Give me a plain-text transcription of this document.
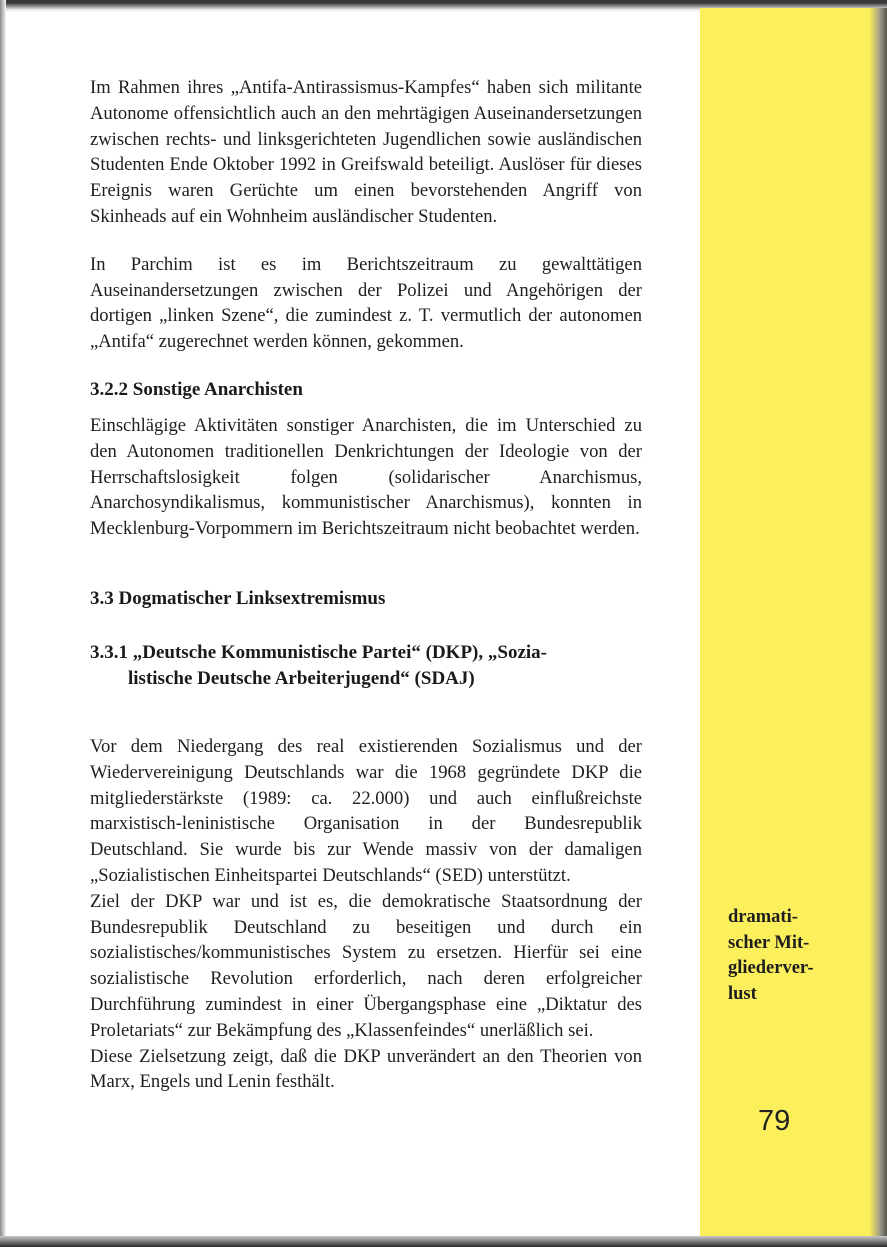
Im Rahmen ihres „Antifa-Antirassismus-Kampfes“ haben sich militante Autonome offensichtlich auch an den mehrtägigen Auseinandersetzungen zwischen rechts- und linksgerichteten Jugendlichen sowie ausländischen Studenten Ende Oktober 1992 in Greifswald beteiligt. Auslöser für dieses Ereignis waren Gerüchte um einen bevorstehenden Angriff von Skinheads auf ein Wohnheim ausländischer Studenten.

In Parchim ist es im Berichtszeitraum zu gewalttätigen Auseinandersetzungen zwischen der Polizei und Angehörigen der dortigen „linken Szene“, die zumindest z. T. vermutlich der autonomen „Antifa“ zugerechnet werden können, gekommen.

3.2.2 Sonstige Anarchisten

Einschlägige Aktivitäten sonstiger Anarchisten, die im Unterschied zu den Autonomen traditionellen Denkrichtungen der Ideologie von der Herrschaftslosigkeit folgen (solidarischer Anarchismus, Anarchosyndikalismus, kommunistischer Anarchismus), konnten in Mecklenburg-Vorpommern im Berichtszeitraum nicht beobachtet werden.

3.3 Dogmatischer Linksextremismus
3.3.1 „Deutsche Kommunistische Partei“ (DKP), „Sozia-
listische Deutsche Arbeiterjugend“ (SDAJ)

Vor dem Niedergang des real existierenden Sozialismus und der Wiedervereinigung Deutschlands war die 1968 gegründete DKP die mitgliederstärkste (1989: ca. 22.000) und auch einflußreichste marxistisch-leninistische Organisation in der Bundesrepublik Deutschland. Sie wurde bis zur Wende massiv von der damaligen „Sozialistischen Einheitspartei Deutschlands“ (SED) unterstützt.

Ziel der DKP war und ist es, die demokratische Staatsordnung der Bundesrepublik Deutschland zu beseitigen und durch ein sozialistisches/kommunistisches System zu ersetzen. Hierfür sei eine sozialistische Revolution erforderlich, nach deren erfolgreicher Durchführung zumindest in einer Übergangsphase eine „Diktatur des Proletariats“ zur Bekämpfung des „Klassenfeindes“ unerläßlich sei.

Diese Zielsetzung zeigt, daß die DKP unverändert an den Theorien von Marx, Engels und Lenin festhält.

dramati-
scher Mit-
gliederver-
lust
79
